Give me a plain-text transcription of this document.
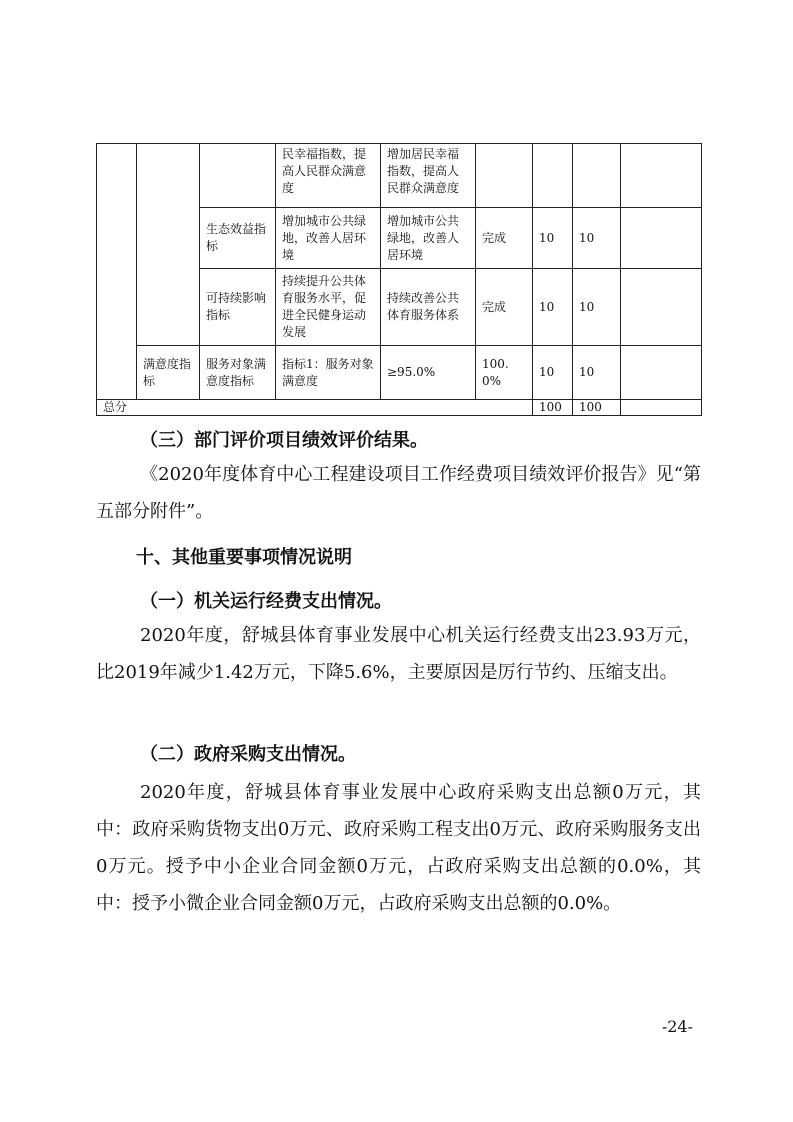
			民幸福指数，提高人民群众满意度	增加居民幸福指数，提高人民群众满意度				
		生态效益指标	增加城市公共绿地，改善人居环境	增加城市公共绿地，改善人居环境	完成	10	10	
		可持续影响指标	持续提升公共体育服务水平，促进全民健身运动发展	持续改善公共体育服务体系	完成	10	10	
	满意度指标	服务对象满意度指标	指标1：服务对象满意度	≥95.0%	100.0%	10	10	
总分						100	100	

（三）部门评价项目绩效评价结果。

《2020年度体育中心工程建设项目工作经费项目绩效评价报告》见“第五部分附件”。

十、其他重要事项情况说明

（一）机关运行经费支出情况。

2020年度，舒城县体育事业发展中心机关运行经费支出23.93万元，比2019年减少1.42万元，下降5.6%，主要原因是厉行节约、压缩支出。

（二）政府采购支出情况。

2020年度，舒城县体育事业发展中心政府采购支出总额0万元，其中：政府采购货物支出0万元、政府采购工程支出0万元、政府采购服务支出0万元。授予中小企业合同金额0万元，占政府采购支出总额的0.0%，其中：授予小微企业合同金额0万元，占政府采购支出总额的0.0%。

-24-
